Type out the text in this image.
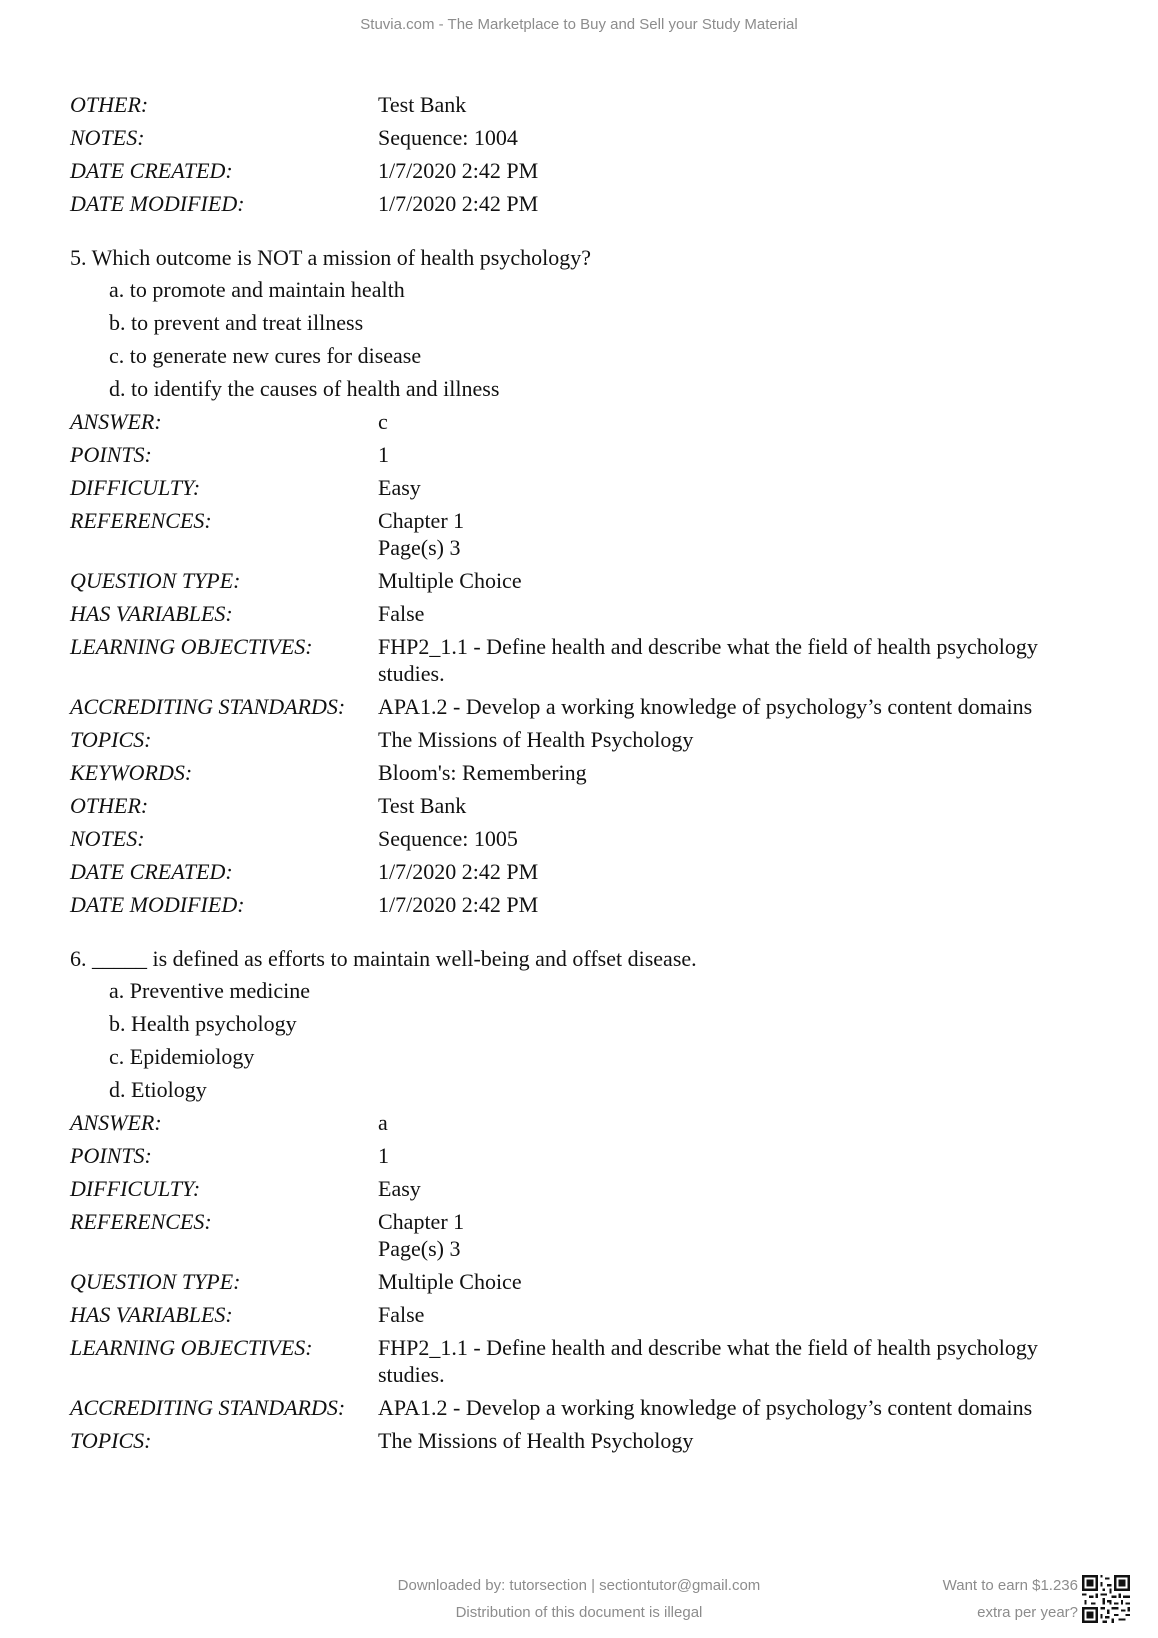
Stuvia.com - The Marketplace to Buy and Sell your Study Material
OTHER:	Test Bank
NOTES:	Sequence: 1004
DATE CREATED:	1/7/2020 2:42 PM
DATE MODIFIED:	1/7/2020 2:42 PM
5. Which outcome is NOT a mission of health psychology?
a. to promote and maintain health
b. to prevent and treat illness
c. to generate new cures for disease
d. to identify the causes of health and illness
ANSWER:	c
POINTS:	1
DIFFICULTY:	Easy
REFERENCES:	Chapter 1
Page(s) 3
QUESTION TYPE:	Multiple Choice
HAS VARIABLES:	False
LEARNING OBJECTIVES:	FHP2_1.1 - Define health and describe what the field of health psychology
studies.
ACCREDITING STANDARDS:	APA1.2 - Develop a working knowledge of psychology’s content domains
TOPICS:	The Missions of Health Psychology
KEYWORDS:	Bloom's: Remembering
OTHER:	Test Bank
NOTES:	Sequence: 1005
DATE CREATED:	1/7/2020 2:42 PM
DATE MODIFIED:	1/7/2020 2:42 PM
6. _____ is defined as efforts to maintain well-being and offset disease.
a. Preventive medicine
b. Health psychology
c. Epidemiology
d. Etiology
ANSWER:	a
POINTS:	1
DIFFICULTY:	Easy
REFERENCES:	Chapter 1
Page(s) 3
QUESTION TYPE:	Multiple Choice
HAS VARIABLES:	False
LEARNING OBJECTIVES:	FHP2_1.1 - Define health and describe what the field of health psychology
studies.
ACCREDITING STANDARDS:	APA1.2 - Develop a working knowledge of psychology’s content domains
TOPICS:	The Missions of Health Psychology
Downloaded by: tutorsection | sectiontutor@gmail.com
Distribution of this document is illegal
Want to earn $1.236
extra per year?
